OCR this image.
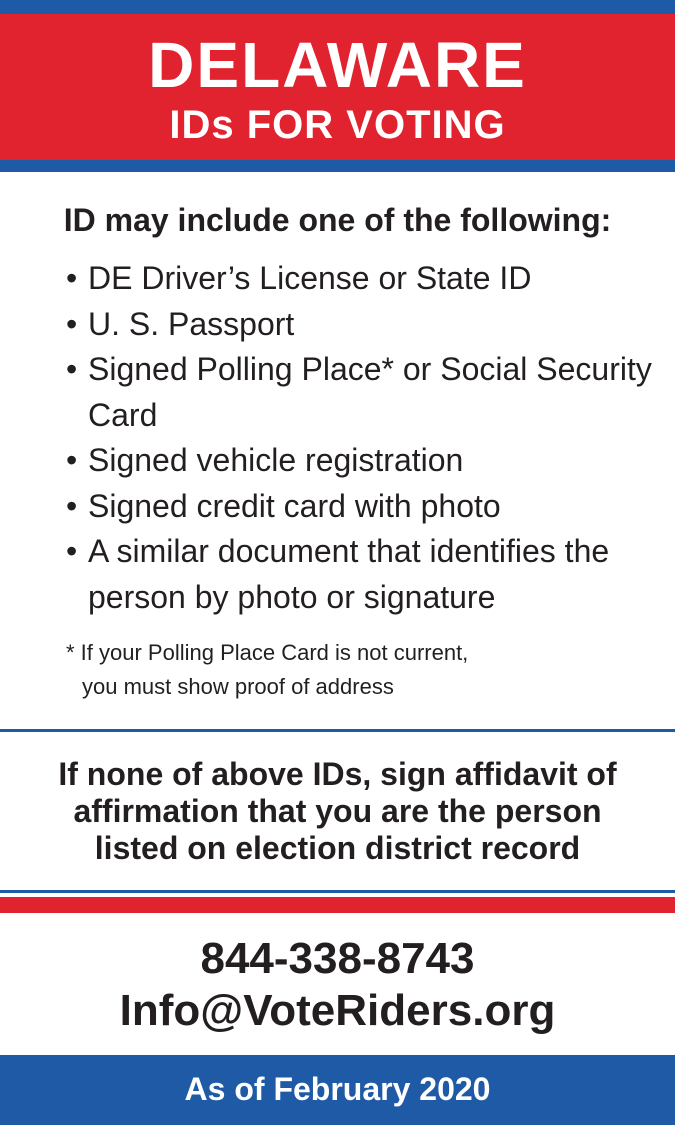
DELAWARE
IDs FOR VOTING
ID may include one of the following:
• DE Driver’s License or State ID
• U. S. Passport
• Signed Polling Place* or Social Security Card
• Signed vehicle registration
• Signed credit card with photo
• A similar document that identifies the person by photo or signature
* If your Polling Place Card is not current,
you must show proof of address
If none of above IDs, sign affidavit of
affirmation that you are the person
listed on election district record
844-338-8743
Info@VoteRiders.org
As of February 2020
